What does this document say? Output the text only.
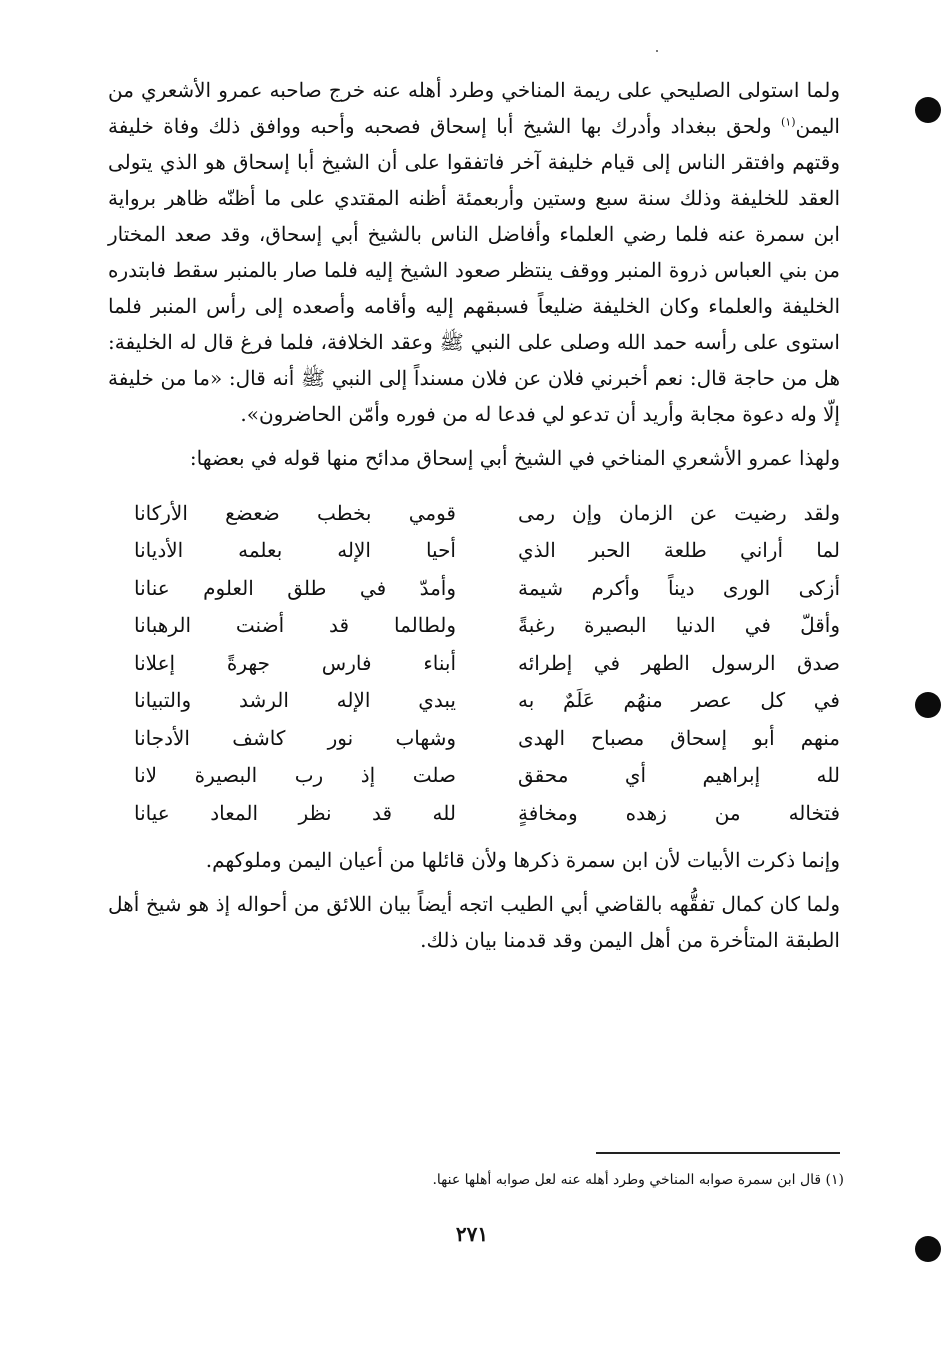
ولما استولى الصليحي على ريمة المناخي وطرد أهله عنه خرج صاحبه عمرو الأشعري من اليمن$^{(١)}$ ولحق ببغداد وأدرك بها الشيخ أبا إسحاق فصحبه وأحبه ووافق ذلك وفاة خليفة وقتهم وافتقر الناس إلى قيام خليفة آخر فاتفقوا على أن الشيخ أبا إسحاق هو الذي يتولى العقد للخليفة وذلك سنة سبع وستين وأربعمئة أظنه المقتدي على ما أظنّه ظاهر برواية ابن سمرة عنه فلما رضي العلماء وأفاضل الناس بالشيخ أبي إسحاق، وقد صعد المختار من بني العباس ذروة المنبر ووقف ينتظر صعود الشيخ إليه فلما صار بالمنبر سقط فابتدره الخليفة والعلماء وكان الخليفة ضليعاً فسبقهم إليه وأقامه وأصعده إلى رأس المنبر فلما استوى على رأسه حمد الله وصلى على النبي ﷺ وعقد الخلافة، فلما فرغ قال له الخليفة: هل من حاجة قال: نعم أخبرني فلان عن فلان مسنداً إلى النبي ﷺ أنه قال: «ما من خليفة إلّا وله دعوة مجابة وأريد أن تدعو لي فدعا له من فوره وأمّن الحاضرون».

ولهذا عمرو الأشعري المناخي في الشيخ أبي إسحاق مدائح منها قوله في بعضها:

ولقد رضيت عن الزمان وإن رمى
قومي بخطب ضعضع الأركانا
لما أراني طلعة الحبر الذي
أحيا الإله بعلمه الأديانا
أزكى الورى ديناً وأكرم شيمة
وأمدّ في طلق العلوم عنانا
وأقلّ في الدنيا البصيرة رغبةً
ولطالما قد أضنت الرهبانا
صدق الرسول الطهر في إطرائه
أبناء فارس جهرةً إعلانا
في كل عصر منهُم عَلَمٌ به
يبدي الإله الرشد والتبيانا
منهم أبو إسحاق مصباح الهدى
وشهاب نور كاشف الأدجانا
لله إبراهيم أي محقق
صلت إذ رب البصيرة لانا
فتخاله من زهده ومخافةٍ
لله قد نظر المعاد عيانا

وإنما ذكرت الأبيات لأن ابن سمرة ذكرها ولأن قائلها من أعيان اليمن وملوكهم.

ولما كان كمال تفقُّهه بالقاضي أبي الطيب اتجه أيضاً بيان اللائق من أحواله إذ هو شيخ أهل الطبقة المتأخرة من أهل اليمن وقد قدمنا بيان ذلك.

(١) قال ابن سمرة صوابه المناخي وطرد أهله عنه لعل صوابه أهلها عنها.
٢٧١
